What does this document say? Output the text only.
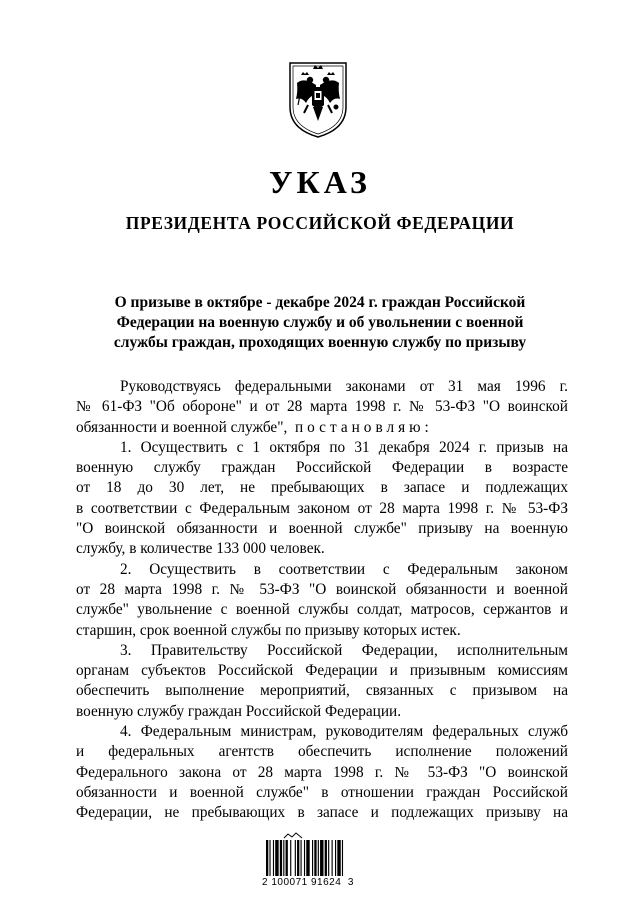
УКАЗ
ПРЕЗИДЕНТА РОССИЙСКОЙ ФЕДЕРАЦИИ
О призыве в октябре - декабре 2024 г. граждан Российской
Федерации на военную службу и об увольнении с военной
службы граждан, проходящих военную службу по призыву
Руководствуясь федеральными законами от 31 мая 1996 г.
№ 61-ФЗ "Об обороне" и от 28 марта 1998 г. № 53-ФЗ "О воинской
обязанности и военной службе", постановляю:
1. Осуществить с 1 октября по 31 декабря 2024 г. призыв на
военную службу граждан Российской Федерации в возрасте
от 18 до 30 лет, не пребывающих в запасе и подлежащих
в соответствии с Федеральным законом от 28 марта 1998 г. № 53-ФЗ
"О воинской обязанности и военной службе" призыву на военную
службу, в количестве 133 000 человек.
2. Осуществить в соответствии с Федеральным законом
от 28 марта 1998 г. № 53-ФЗ "О воинской обязанности и военной
службе" увольнение с военной службы солдат, матросов, сержантов и
старшин, срок военной службы по призыву которых истек.
3. Правительству Российской Федерации, исполнительным
органам субъектов Российской Федерации и призывным комиссиям
обеспечить выполнение мероприятий, связанных с призывом на
военную службу граждан Российской Федерации.
4. Федеральным министрам, руководителям федеральных служб
и федеральных агентств обеспечить исполнение положений
Федерального закона от 28 марта 1998 г. № 53-ФЗ "О воинской
обязанности и военной службе" в отношении граждан Российской
Федерации, не пребывающих в запасе и подлежащих призыву на
2 100071 91624  3
